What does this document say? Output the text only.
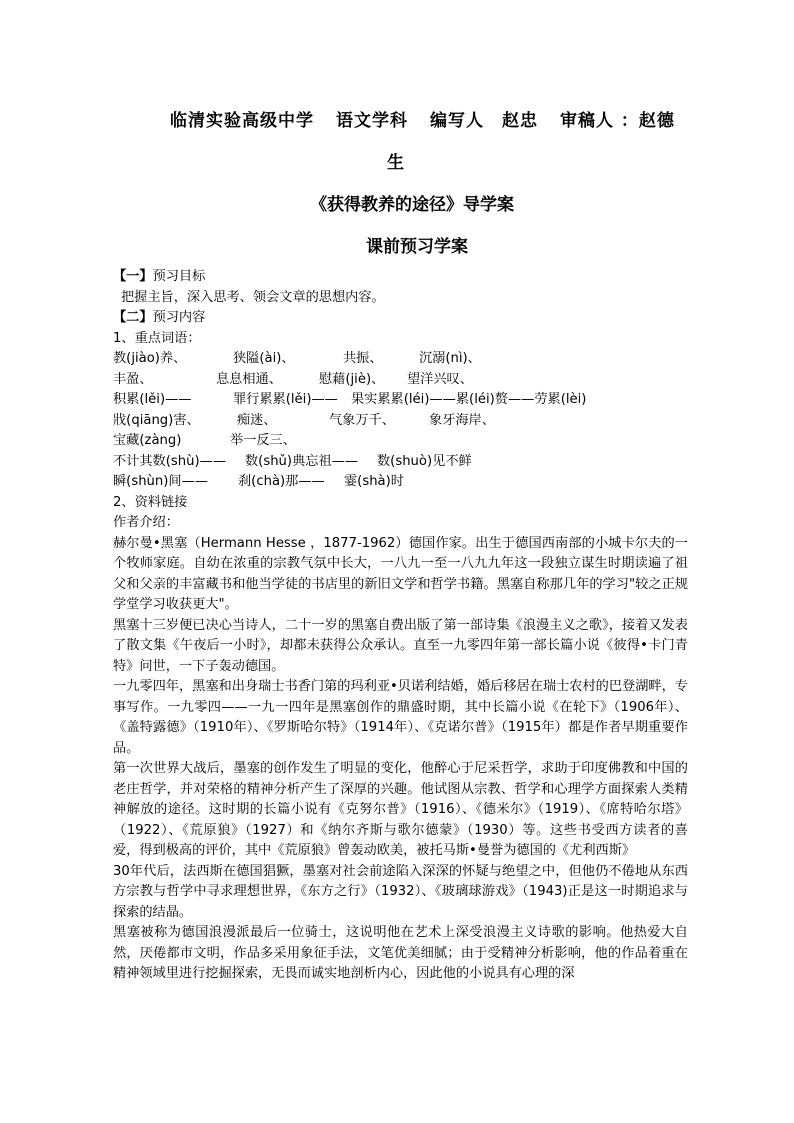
临清实验高级中学 语文学科 编写人　赵忠 审稿人 ：赵德
生
《获得教养的途径》导学案
课前预习学案
【一】预习目标
把握主旨，深入思考、领会文章的思想内容。
【二】预习内容
1、重点词语：
教(jiào)养、	狭隘(ài)、	共振、	沉溺(nì)、
丰盈、	息息相通、	慰藉(jiè)、 望洋兴叹、
积累(lěi)——	罪行累累(lěi)—— 果实累累(léi)——累(léi)赘——劳累(lèi)
戕(qiāng)害、	痴迷、	气象万千、	象牙海岸、
宝藏(zàng)	举一反三、
不计其数(shù)—— 数(shǔ)典忘祖—— 数(shuò)见不鲜
瞬(shùn)间—— 刹(chà)那—— 霎(shà)时
2、资料链接
作者介绍：
赫尔曼•黑塞（Hermann Hesse ，1877-1962）德国作家。出生于德国西南部的小城卡尔夫的一个牧师家庭。自幼在浓重的宗教气氛中长大，一八九一至一八九九年这一段独立谋生时期读遍了祖父和父亲的丰富藏书和他当学徒的书店里的新旧文学和哲学书籍。黑塞自称那几年的学习"较之正规学堂学习收获更大"。
黑塞十三岁便已决心当诗人，二十一岁的黑塞自费出版了第一部诗集《浪漫主义之歌》，接着又发表了散文集《午夜后一小时》，却都未获得公众承认。直至一九零四年第一部长篇小说《彼得•卡门青特》问世，一下子轰动德国。
一九零四年，黑塞和出身瑞士书香门第的玛利亚•贝诺利结婚，婚后移居在瑞士农村的巴登湖畔，专事写作。一九零四——一九一四年是黑塞创作的鼎盛时期，其中长篇小说《在轮下》（1906年）、《盖特露德》（1910年）、《罗斯哈尔特》（1914年）、《克诺尔普》（1915年）都是作者早期重要作品。
第一次世界大战后，墨塞的创作发生了明显的变化，他醉心于尼采哲学，求助于印度佛教和中国的老庄哲学，并对荣格的精神分析产生了深厚的兴趣。他试图从宗教、哲学和心理学方面探索人类精神解放的途径。这时期的长篇小说有《克努尔普》（1916）、《德米尔》（1919）、《席特哈尔塔》（1922）、《荒原狼》（1927）和《纳尔齐斯与歌尔德蒙》（1930）等。这些书受西方读者的喜爱，得到极高的评价，其中《荒原狼》曾轰动欧美，被托马斯•曼誉为德国的《尤利西斯》
30年代后，法西斯在德国猖獗，墨塞对社会前途陷入深深的怀疑与绝望之中，但他仍不倦地从东西方宗教与哲学中寻求理想世界，《东方之行》（1932）、《玻璃球游戏》（1943)正是这一时期追求与探索的结晶。
黑塞被称为德国浪漫派最后一位骑士，这说明他在艺术上深受浪漫主义诗歌的影响。他热爱大自然，厌倦都市文明，作品多采用象征手法，文笔优美细腻；由于受精神分析影响，他的作品着重在精神领域里进行挖掘探索，无畏而诚实地剖析内心，因此他的小说具有心理的深
